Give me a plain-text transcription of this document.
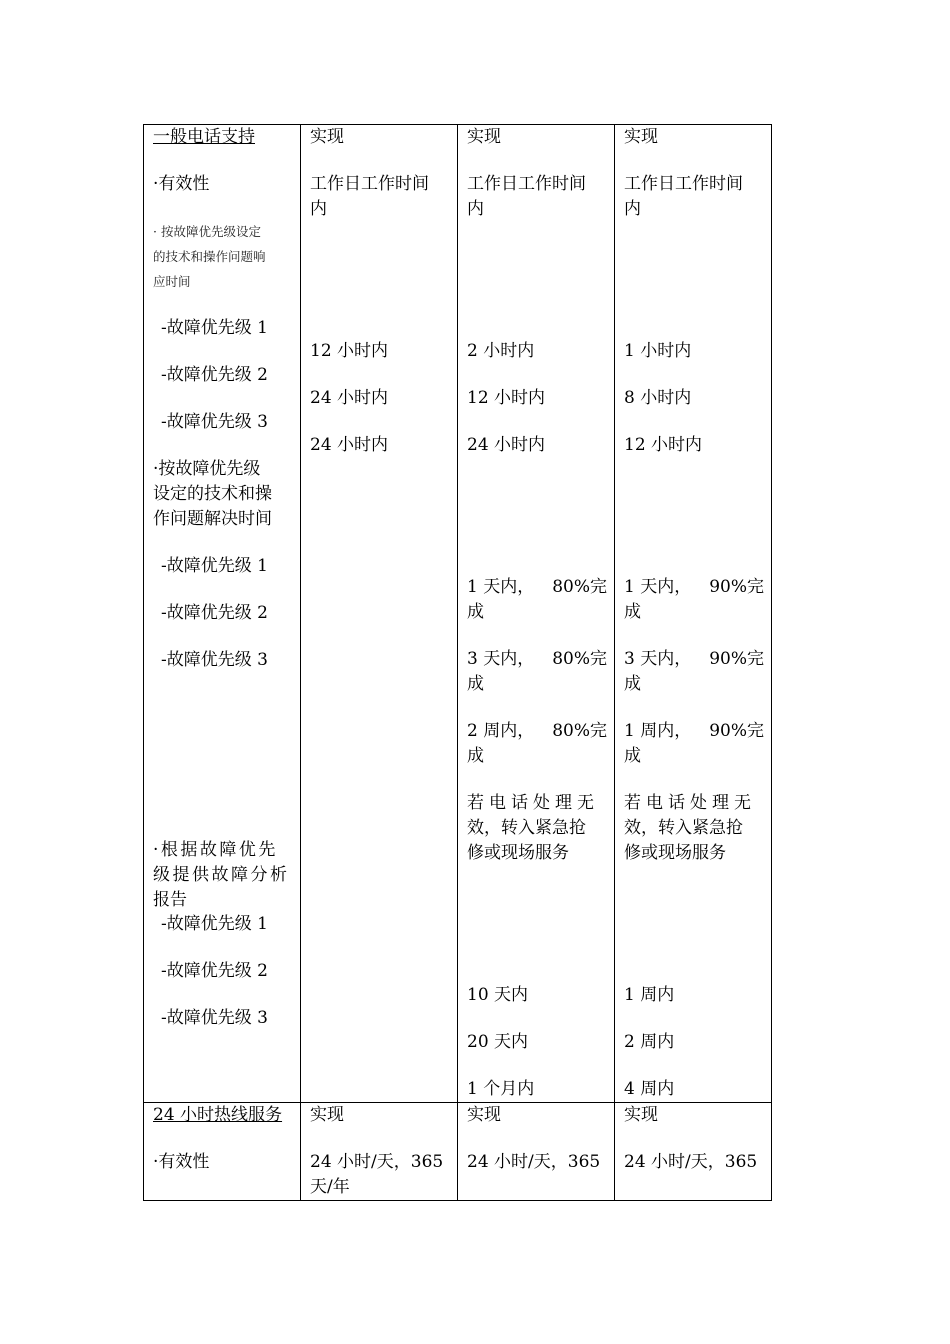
一般电话支持
·有效性
· 按故障优先级设定
的技术和操作问题响
应时间
-故障优先级 1
-故障优先级 2
-故障优先级 3
·按故障优先级
设定的技术和操
作问题解决时间
-故障优先级 1
-故障优先级 2
-故障优先级 3
·根据故障优先
级提供故障分析
报告
-故障优先级 1
-故障优先级 2
-故障优先级 3
实现
工作日工作时间
内
12 小时内
24 小时内
24 小时内
实现
工作日工作时间
内
2 小时内
12 小时内
24 小时内
1 天内， 80%完
成
3 天内， 80%完
成
2 周内， 80%完
成
若电话处理无
效，转入紧急抢
修或现场服务
10 天内
20 天内
1 个月内
实现
工作日工作时间
内
1 小时内
8 小时内
12 小时内
1 天内， 90%完
成
3 天内， 90%完
成
1 周内， 90%完
成
若电话处理无
效，转入紧急抢
修或现场服务
1 周内
2 周内
4 周内
24 小时热线服务
·有效性
实现
24 小时/天，365
天/年
实现
24 小时/天，365
实现
24 小时/天，365
